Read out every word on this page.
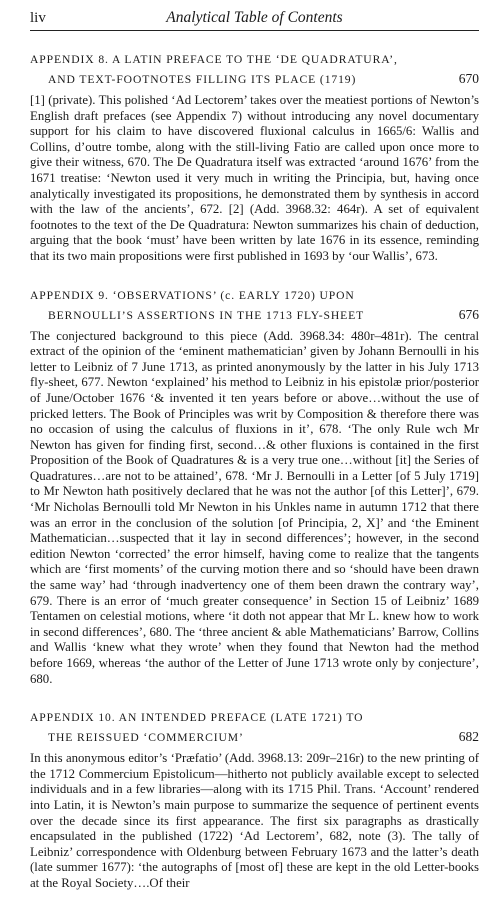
liv	Analytical Table of Contents
APPENDIX 8. A LATIN PREFACE TO THE ‘DE QUADRATURA’,
AND TEXT-FOOTNOTES FILLING ITS PLACE (1719)	670

[1] (private). This polished ‘Ad Lectorem’ takes over the meatiest portions of Newton’s English draft prefaces (see Appendix 7) without introducing any novel documentary support for his claim to have discovered fluxional calculus in 1665/6: Wallis and Collins, d’outre tombe, along with the still-living Fatio are called upon once more to give their witness, 670. The De Quadratura itself was extracted ‘around 1676’ from the 1671 treatise: ‘Newton used it very much in writing the Principia, but, having once analytically investigated its propositions, he demonstrated them by synthesis in accord with the law of the ancients’, 672. [2] (Add. 3968.32: 464r). A set of equivalent footnotes to the text of the De Quadratura: Newton summarizes his chain of deduction, arguing that the book ‘must’ have been written by late 1676 in its essence, reminding that its two main propositions were first published in 1693 by ‘our Wallis’, 673.

APPENDIX 9. ‘OBSERVATIONS’ (c. EARLY 1720) UPON
BERNOULLI’S ASSERTIONS IN THE 1713 FLY-SHEET	676

The conjectured background to this piece (Add. 3968.34: 480r–481r). The central extract of the opinion of the ‘eminent mathematician’ given by Johann Bernoulli in his letter to Leibniz of 7 June 1713, as printed anonymously by the latter in his July 1713 fly-sheet, 677. Newton ‘explained’ his method to Leibniz in his epistolæ prior/posterior of June/October 1676 ‘& invented it ten years before or above…without the use of pricked letters. The Book of Principles was writ by Composition & therefore there was no occasion of using the calculus of fluxions in it’, 678. ‘The only Rule wch Mr Newton has given for finding first, second…& other fluxions is contained in the first Proposition of the Book of Quadratures & is a very true one…without [it] the Series of Quadratures…are not to be attained’, 678. ‘Mr J. Bernoulli in a Letter [of 5 July 1719] to Mr Newton hath positively declared that he was not the author [of this Letter]’, 679. ‘Mr Nicholas Bernoulli told Mr Newton in his Unkles name in autumn 1712 that there was an error in the conclusion of the solution [of Principia, 2, X]’ and ‘the Eminent Mathematician…suspected that it lay in second differences’; however, in the second edition Newton ‘corrected’ the error himself, having come to realize that the tangents which are ‘first moments’ of the curving motion there and so ‘should have been drawn the same way’ had ‘through inadvertency one of them been drawn the contrary way’, 679. There is an error of ‘much greater consequence’ in Section 15 of Leibniz’ 1689 Tentamen on celestial motions, where ‘it doth not appear that Mr L. knew how to work in second differences’, 680. The ‘three ancient & able Mathematicians’ Barrow, Collins and Wallis ‘knew what they wrote’ when they found that Newton had the method before 1669, whereas ‘the author of the Letter of June 1713 wrote only by conjecture’, 680.

APPENDIX 10. AN INTENDED PREFACE (LATE 1721) TO
THE REISSUED ‘COMMERCIUM’	682

In this anonymous editor’s ‘Præfatio’ (Add. 3968.13: 209r–216r) to the new printing of the 1712 Commercium Epistolicum—hitherto not publicly available except to selected individuals and in a few libraries—along with its 1715 Phil. Trans. ‘Account’ rendered into Latin, it is Newton’s main purpose to summarize the sequence of pertinent events over the decade since its first appearance. The first six paragraphs as drastically encapsulated in the published (1722) ‘Ad Lectorem’, 682, note (3). The tally of Leibniz’ correspondence with Oldenburg between February 1673 and the latter’s death (late summer 1677): ‘the autographs of [most of] these are kept in the old Letter-books at the Royal Society….Of their
